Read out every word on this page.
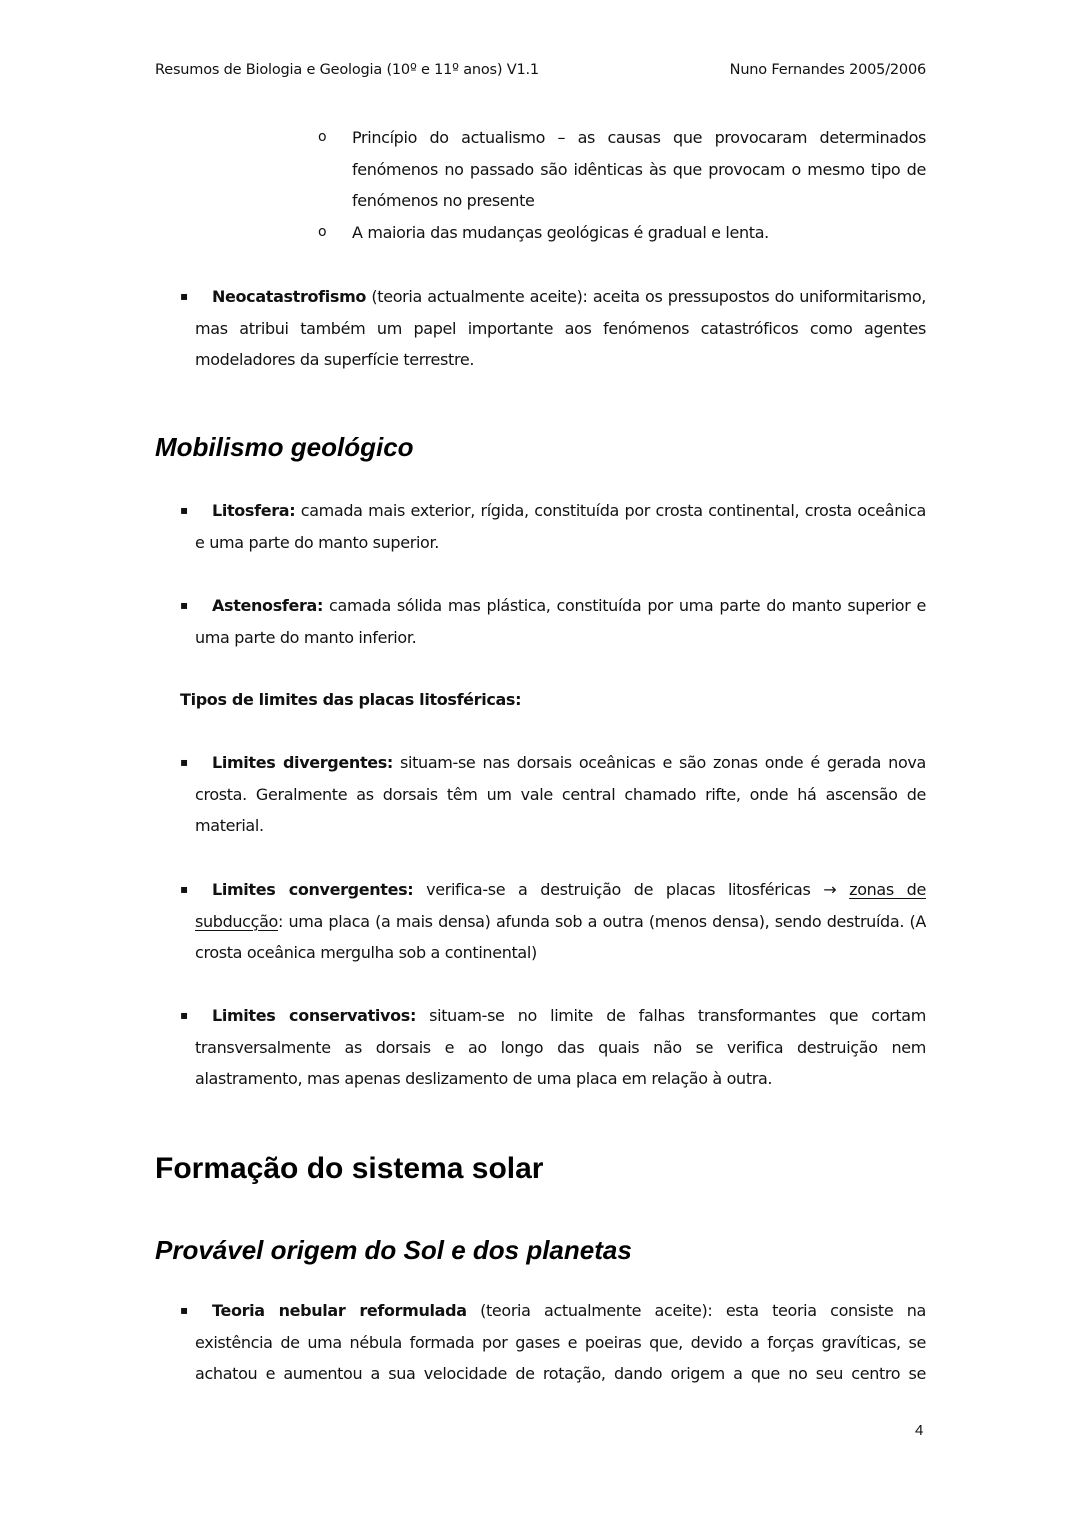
Resumos de Biologia e Geologia (10º e 11º anos) V1.1	Nuno Fernandes 2005/2006
o Princípio do actualismo – as causas que provocaram determinados fenómenos no passado são idênticas às que provocam o mesmo tipo de fenómenos no presente
o A maioria das mudanças geológicas é gradual e lenta.
▪ Neocatastrofismo (teoria actualmente aceite): aceita os pressupostos do uniformitarismo, mas atribui também um papel importante aos fenómenos catastróficos como agentes modeladores da superfície terrestre.
Mobilismo geológico
▪ Litosfera: camada mais exterior, rígida, constituída por crosta continental, crosta oceânica e uma parte do manto superior.
▪ Astenosfera: camada sólida mas plástica, constituída por uma parte do manto superior e uma parte do manto inferior.
Tipos de limites das placas litosféricas:
▪ Limites divergentes: situam-se nas dorsais oceânicas e são zonas onde é gerada nova crosta. Geralmente as dorsais têm um vale central chamado rifte, onde há ascensão de material.
▪ Limites convergentes: verifica-se a destruição de placas litosféricas → zonas de subducção: uma placa (a mais densa) afunda sob a outra (menos densa), sendo destruída. (A crosta oceânica mergulha sob a continental)
▪ Limites conservativos: situam-se no limite de falhas transformantes que cortam transversalmente as dorsais e ao longo das quais não se verifica destruição nem alastramento, mas apenas deslizamento de uma placa em relação à outra.
Formação do sistema solar
Provável origem do Sol e dos planetas
▪ Teoria nebular reformulada (teoria actualmente aceite): esta teoria consiste na existência de uma nébula formada por gases e poeiras que, devido a forças gravíticas, se achatou e aumentou a sua velocidade de rotação, dando origem a que no seu centro se
4
